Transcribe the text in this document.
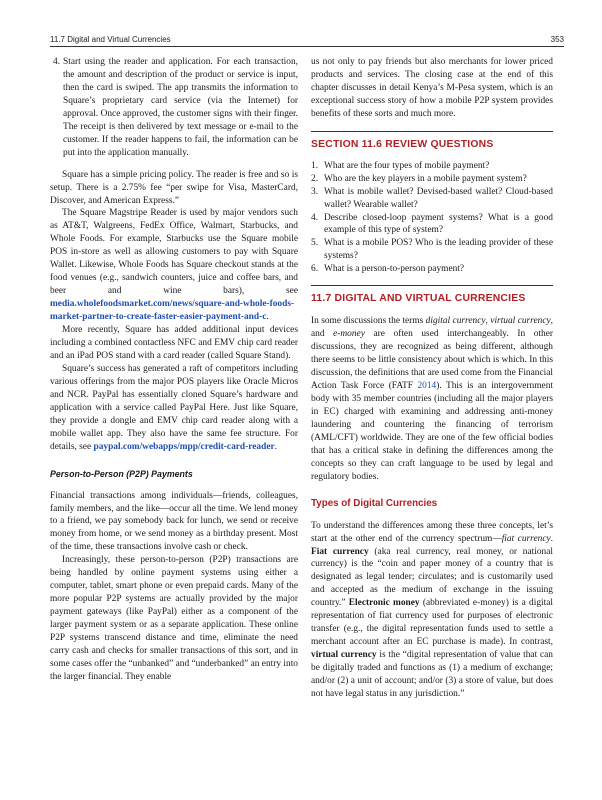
11.7 Digital and Virtual Currencies	353
4. Start using the reader and application. For each transaction, the amount and description of the product or service is input, then the card is swiped. The app transmits the information to Square’s proprietary card service (via the Internet) for approval. Once approved, the customer signs with their finger. The receipt is then delivered by text message or e-mail to the customer. If the reader happens to fail, the information can be put into the application manually.

Square has a simple pricing policy. The reader is free and so is setup. There is a 2.75% fee “per swipe for Visa, MasterCard, Discover, and American Express.”

The Square Magstripe Reader is used by major vendors such as AT&T, Walgreens, FedEx Office, Walmart, Starbucks, and Whole Foods. For example, Starbucks use the Square mobile POS in-store as well as allowing customers to pay with Square Wallet. Likewise, Whole Foods has Square checkout stands at the food venues (e.g., sandwich counters, juice and coffee bars, and beer and wine bars), see media.wholefoodsmarket.com/news/square-and-whole-foods-market-partner-to-create-faster-easier-payment-and-c.

More recently, Square has added additional input devices including a combined contactless NFC and EMV chip card reader and an iPad POS stand with a card reader (called Square Stand).

Square’s success has generated a raft of competitors including various offerings from the major POS players like Oracle Micros and NCR. PayPal has essentially cloned Square’s hardware and application with a service called PayPal Here. Just like Square, they provide a dongle and EMV chip card reader along with a mobile wallet app. They also have the same fee structure. For details, see paypal.com/webapps/mpp/credit-card-reader.

Person-to-Person (P2P) Payments

Financial transactions among individuals—friends, colleagues, family members, and the like—occur all the time. We lend money to a friend, we pay somebody back for lunch, we send or receive money from home, or we send money as a birthday present. Most of the time, these transactions involve cash or check.

Increasingly, these person-to-person (P2P) transactions are being handled by online payment systems using either a computer, tablet, smart phone or even prepaid cards. Many of the more popular P2P systems are actually provided by the major payment gateways (like PayPal) either as a component of the larger payment system or as a separate application. These online P2P systems transcend distance and time, eliminate the need carry cash and checks for smaller transactions of this sort, and in some cases offer the “unbanked” and “underbanked” an entry into the larger financial. They enable

us not only to pay friends but also merchants for lower priced products and services. The closing case at the end of this chapter discusses in detail Kenya’s M-Pesa system, which is an exceptional success story of how a mobile P2P system provides benefits of these sorts and much more.

SECTION 11.6 REVIEW QUESTIONS

1. What are the four types of mobile payment?
2. Who are the key players in a mobile payment system?
3. What is mobile wallet? Devised-based wallet? Cloud-based wallet? Wearable wallet?
4. Describe closed-loop payment systems? What is a good example of this type of system?
5. What is a mobile POS? Who is the leading provider of these systems?
6. What is a person-to-person payment?

11.7 DIGITAL AND VIRTUAL CURRENCIES

In some discussions the terms digital currency, virtual currency, and e-money are often used interchangeably. In other discussions, they are recognized as being different, although there seems to be little consistency about which is which. In this discussion, the definitions that are used come from the Financial Action Task Force (FATF 2014). This is an intergovernment body with 35 member countries (including all the major players in EC) charged with examining and addressing anti-money laundering and countering the financing of terrorism (AML/CFT) worldwide. They are one of the few official bodies that has a critical stake in defining the differences among the concepts so they can craft language to be used by legal and regulatory bodies.

Types of Digital Currencies

To understand the differences among these three concepts, let’s start at the other end of the currency spectrum—fiat currency. Fiat currency (aka real currency, real money, or national currency) is the “coin and paper money of a country that is designated as legal tender; circulates; and is customarily used and accepted as the medium of exchange in the issuing country.” Electronic money (abbreviated e-money) is a digital representation of fiat currency used for purposes of electronic transfer (e.g., the digital representation funds used to settle a merchant account after an EC purchase is made). In contrast, virtual currency is the “digital representation of value that can be digitally traded and functions as (1) a medium of exchange; and/or (2) a unit of account; and/or (3) a store of value, but does not have legal status in any jurisdiction.”
